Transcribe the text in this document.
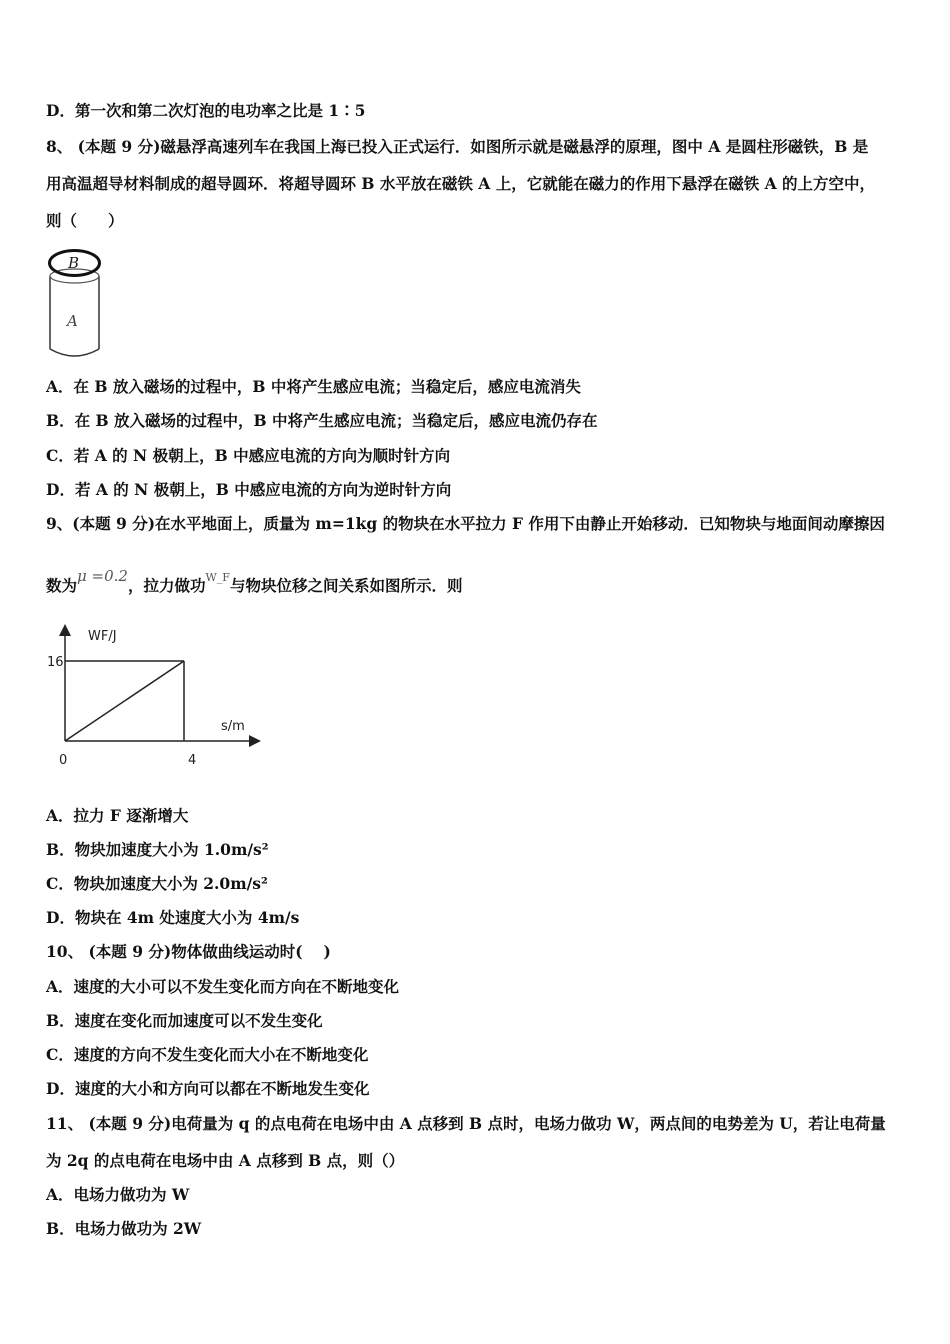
D．第一次和第二次灯泡的电功率之比是 1∶5
8、 (本题 9 分)磁悬浮高速列车在我国上海已投入正式运行．如图所示就是磁悬浮的原理，图中 A 是圆柱形磁铁，B 是
用高温超导材料制成的超导圆环．将超导圆环 B 水平放在磁铁 A 上，它就能在磁力的作用下悬浮在磁铁 A 的上方空中，
则（　　）
B
A
A．在 B 放入磁场的过程中，B 中将产生感应电流；当稳定后，感应电流消失
B．在 B 放入磁场的过程中，B 中将产生感应电流；当稳定后，感应电流仍存在
C．若 A 的 N 极朝上，B 中感应电流的方向为顺时针方向
D．若 A 的 N 极朝上，B 中感应电流的方向为逆时针方向
9、(本题 9 分)在水平地面上，质量为 m=1kg 的物块在水平拉力 F 作用下由静止开始移动．已知物块与地面间动摩擦因
数为μ =0.2，拉力做功$^{W\_F}$与物块位移之间关系如图所示．则
WF/J
s/m
16
0	4
A．拉力 F 逐渐增大
B．物块加速度大小为 1.0m/s²
C．物块加速度大小为 2.0m/s²
D．物块在 4m 处速度大小为 4m/s
10、 (本题 9 分)物体做曲线运动时(　 )
A．速度的大小可以不发生变化而方向在不断地变化
B．速度在变化而加速度可以不发生变化
C．速度的方向不发生变化而大小在不断地变化
D．速度的大小和方向可以都在不断地发生变化
11、 (本题 9 分)电荷量为 q 的点电荷在电场中由 A 点移到 B 点时，电场力做功 W，两点间的电势差为 U，若让电荷量
为 2q 的点电荷在电场中由 A 点移到 B 点，则（）
A．电场力做功为 W
B．电场力做功为 2W
